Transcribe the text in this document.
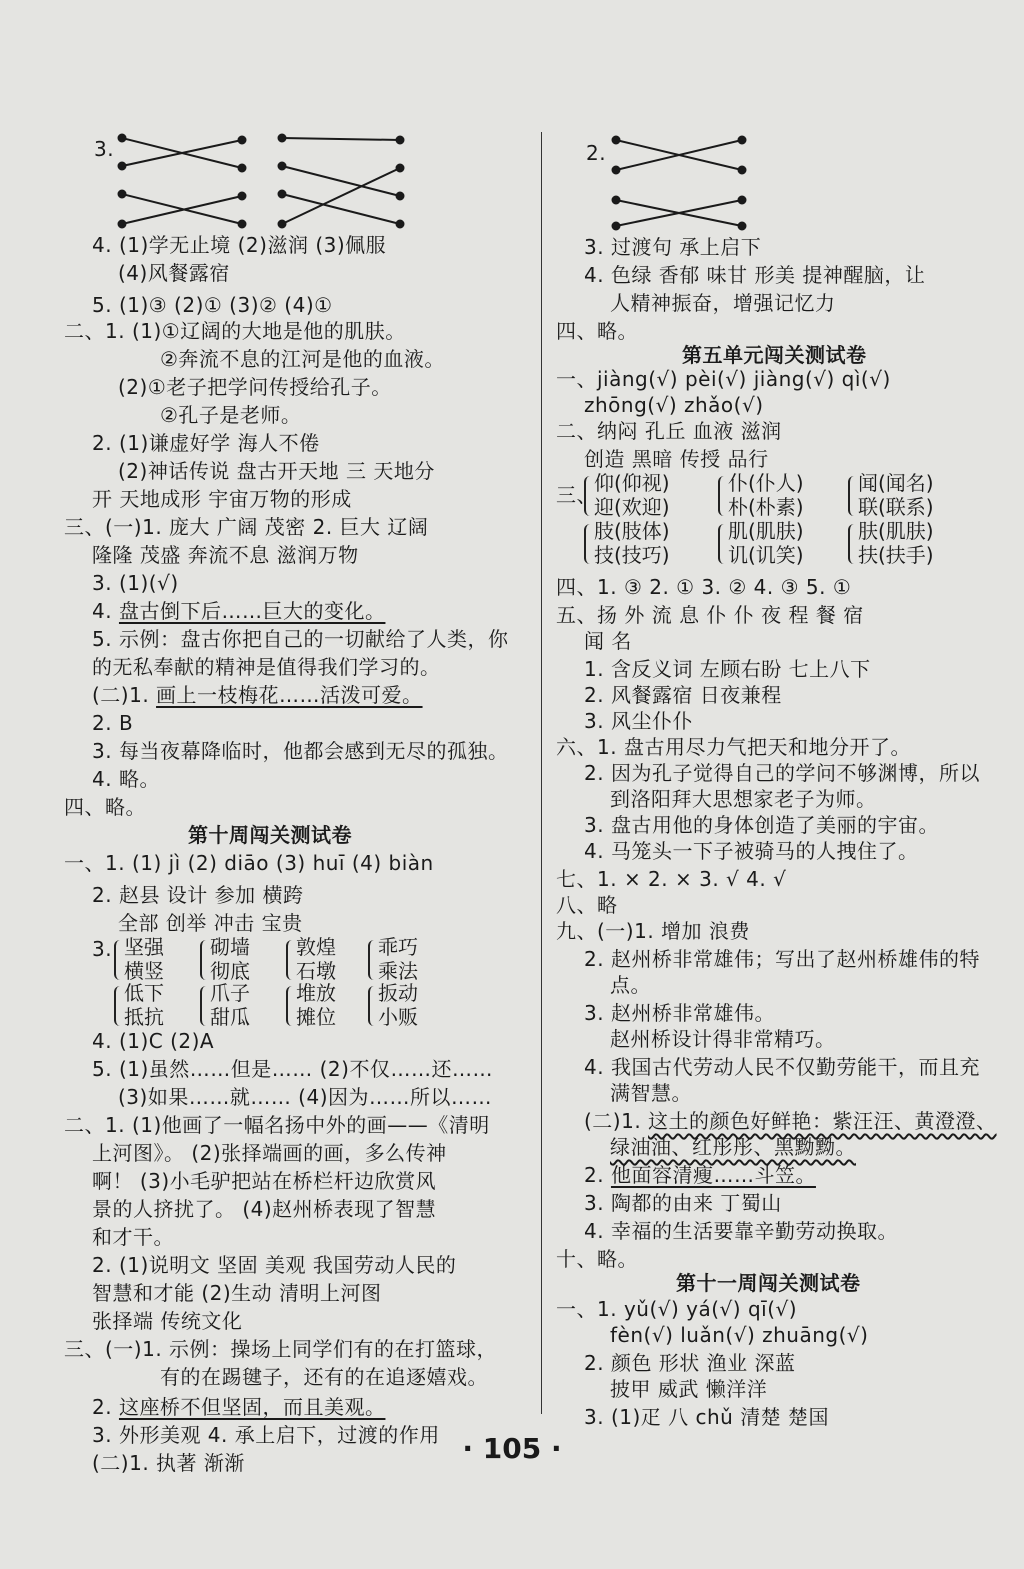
3.
3.
4. (1)学无止境 (2)滋润 (3)佩服
(4)风餐露宿
5. (1)③ (2)① (3)② (4)①
二、1. (1)①辽阔的大地是他的肌肤。
②奔流不息的江河是他的血液。
(2)①老子把学问传授给孔子。
②孔子是老师。
2. (1)谦虚好学 海人不倦
(2)神话传说 盘古开天地 三 天地分
开 天地成形 宇宙万物的形成
三、(一)1. 庞大 广阔 茂密 2. 巨大 辽阔
隆隆 茂盛 奔流不息 滋润万物
3. (1)(√)
4. 盘古倒下后……巨大的变化。
5. 示例：盘古你把自己的一切献给了人类，你
的无私奉献的精神是值得我们学习的。
(二)1. 画上一枝梅花……活泼可爱。
2. B
3. 每当夜幕降临时，他都会感到无尽的孤独。
4. 略。
四、略。
第十周闯关测试卷
一、1. (1) jì (2) diāo (3) huī (4) biàn
2. 赵县 设计 参加 横跨
全部 创举 冲击 宝贵
4. (1)C (2)A
5. (1)虽然……但是…… (2)不仅……还……
(3)如果……就…… (4)因为……所以……
二、1. (1)他画了一幅名扬中外的画——《清明
上河图》。 (2)张择端画的画，多么传神
啊！ (3)小毛驴把站在桥栏杆边欣赏风
景的人挤扰了。 (4)赵州桥表现了智慧
和才干。
2. (1)说明文 坚固 美观 我国劳动人民的
智慧和才能 (2)生动 清明上河图
张择端 传统文化
三、(一)1. 示例：操场上同学们有的在打篮球，
有的在踢毽子，还有的在追逐嬉戏。
2. 这座桥不但坚固，而且美观。
3. 外形美观 4. 承上启下，过渡的作用
(二)1. 执著 渐渐
坚强
横竖
砌墙
彻底
敦煌
石墩
乖巧
乘法
低下
抵抗
爪子
甜瓜
堆放
摊位
扳动
小贩
2.
3. 过渡句 承上启下
4. 色绿 香郁 味甘 形美 提神醒脑，让
人精神振奋，增强记忆力
四、略。
第五单元闯关测试卷
一、jiàng(√) pèi(√) jiàng(√) qì(√)
zhōng(√) zhǎo(√)
二、纳闷 孔丘 血液 滋润
创造 黑暗 传授 品行
三、
四、1. ③ 2. ① 3. ② 4. ③ 5. ①
五、扬 外 流 息 仆 仆 夜 程 餐 宿
闻 名
1. 含反义词 左顾右盼 七上八下
2. 风餐露宿 日夜兼程
3. 风尘仆仆
六、1. 盘古用尽力气把天和地分开了。
2. 因为孔子觉得自己的学问不够渊博，所以
到洛阳拜大思想家老子为师。
3. 盘古用他的身体创造了美丽的宇宙。
4. 马笼头一下子被骑马的人拽住了。
七、1. × 2. × 3. √ 4. √
八、略
九、(一)1. 增加 浪费
2. 赵州桥非常雄伟；写出了赵州桥雄伟的特
点。
3. 赵州桥非常雄伟。
赵州桥设计得非常精巧。
4. 我国古代劳动人民不仅勤劳能干，而且充
满智慧。
(二)1. 这土的颜色好鲜艳：紫汪汪、黄澄澄、
绿油油、红彤彤、黑黝黝。
2. 他面容清瘦……斗笠。
3. 陶都的由来 丁蜀山
4. 幸福的生活要靠辛勤劳动换取。
十、略。
第十一周闯关测试卷
一、1. yǔ(√) yá(√) qī(√)
fèn(√) luǎn(√) zhuāng(√)
2. 颜色 形状 渔业 深蓝
披甲 威武 懒洋洋
3. (1)疋 八 chǔ 清楚 楚国
仰(仰视)
迎(欢迎)
仆(仆人)
朴(朴素)
闻(闻名)
联(联系)
肢(肢体)
技(技巧)
肌(肌肤)
讥(讥笑)
肤(肌肤)
扶(扶手)
· 105 ·
